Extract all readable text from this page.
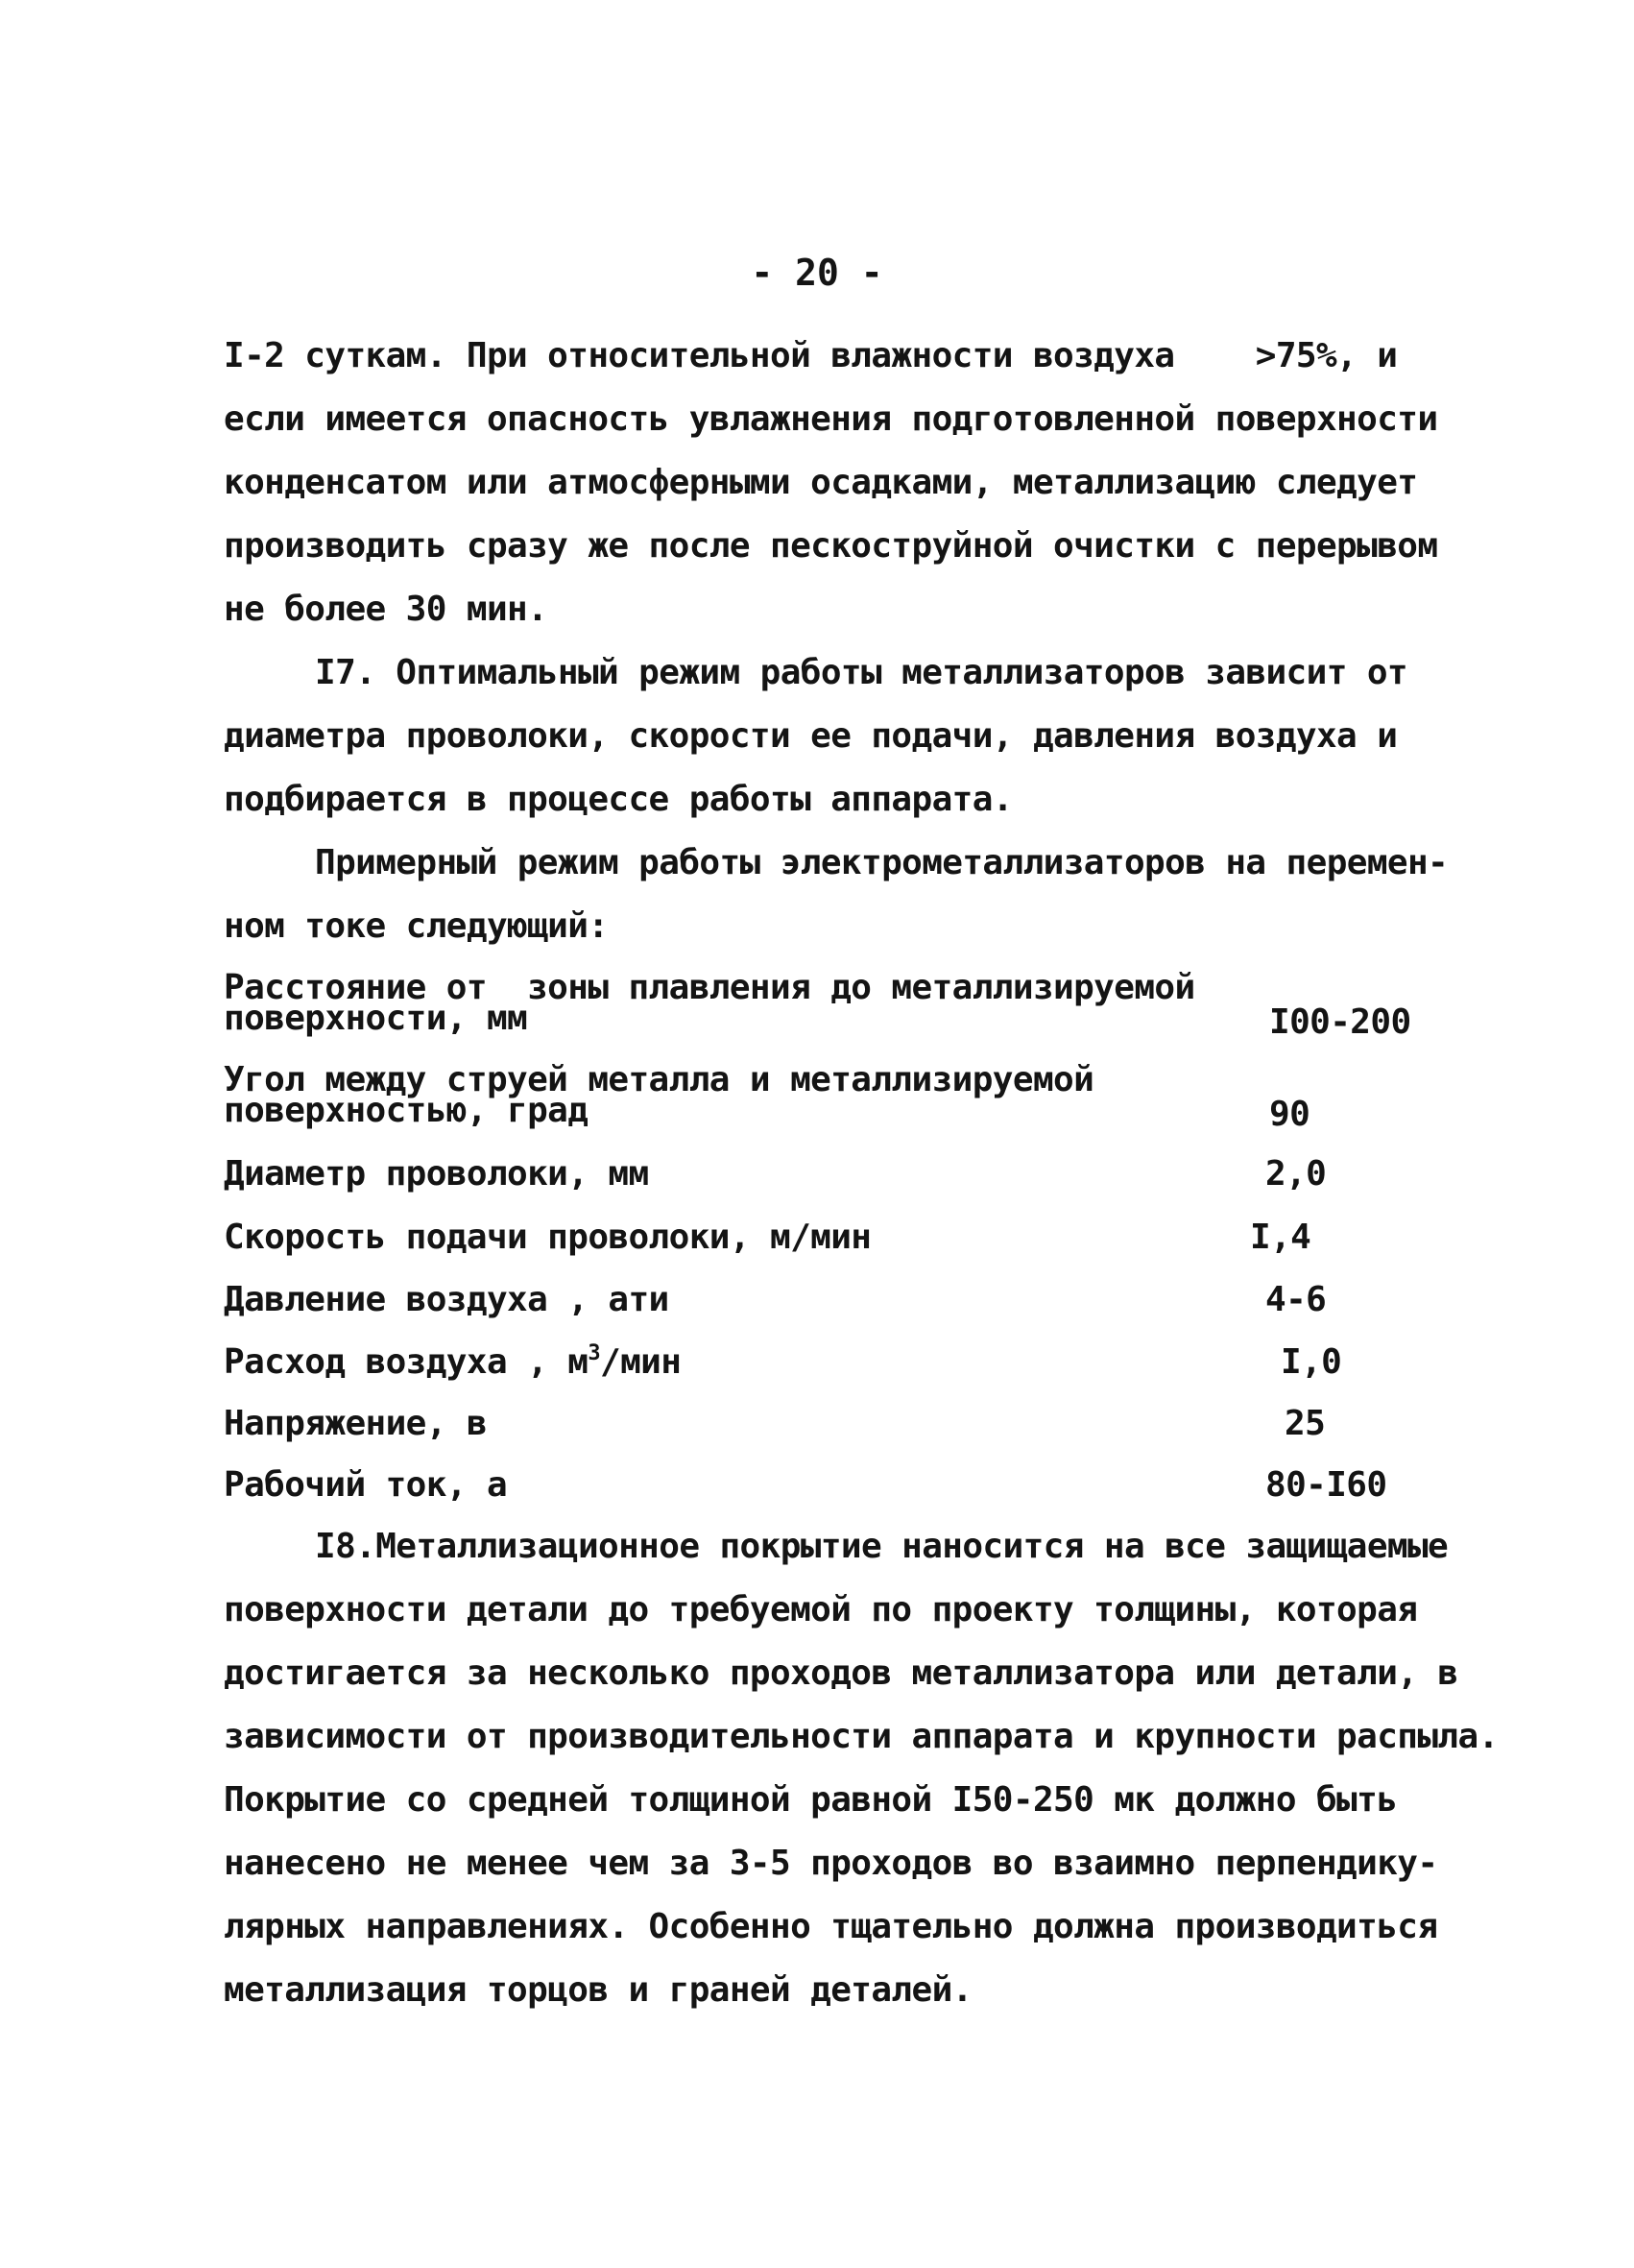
- 20 -
I-2 суткам. При относительной влажности воздуха    >75%, и
если имеется опасность увлажнения подготовленной поверхности
конденсатом или атмосферными осадками, металлизацию следует
производить сразу же после пескоструйной очистки с перерывом
не более 30 мин.
I7. Оптимальный режим работы металлизаторов зависит от
диаметра проволоки, скорости ее подачи, давления воздуха и
подбирается в процессе работы аппарата.
Примерный режим работы электрометаллизаторов на перемен-
ном токе следующий:
Расстояние от  зоны плавления до металлизируемой
поверхности, мм	I00-200
Угол между струей металла и металлизируемой
поверхностью, град	90
Диаметр проволоки, мм	2,0
Скорость подачи проволоки, м/мин	I,4
Давление воздуха , ати	4-6
Расход воздуха , $м^3$/мин	I,0
Напряжение, в	25
Рабочий ток, а	80-I60
I8.Металлизационное покрытие наносится на все защищаемые
поверхности детали до требуемой по проекту толщины, которая
достигается за несколько проходов металлизатора или детали, в
зависимости от производительности аппарата и крупности распыла.
Покрытие со средней толщиной равной I50-250 мк должно быть
нанесено не менее чем за 3-5 проходов во взаимно перпендику-
лярных направлениях. Особенно тщательно должна производиться
металлизация торцов и граней деталей.
